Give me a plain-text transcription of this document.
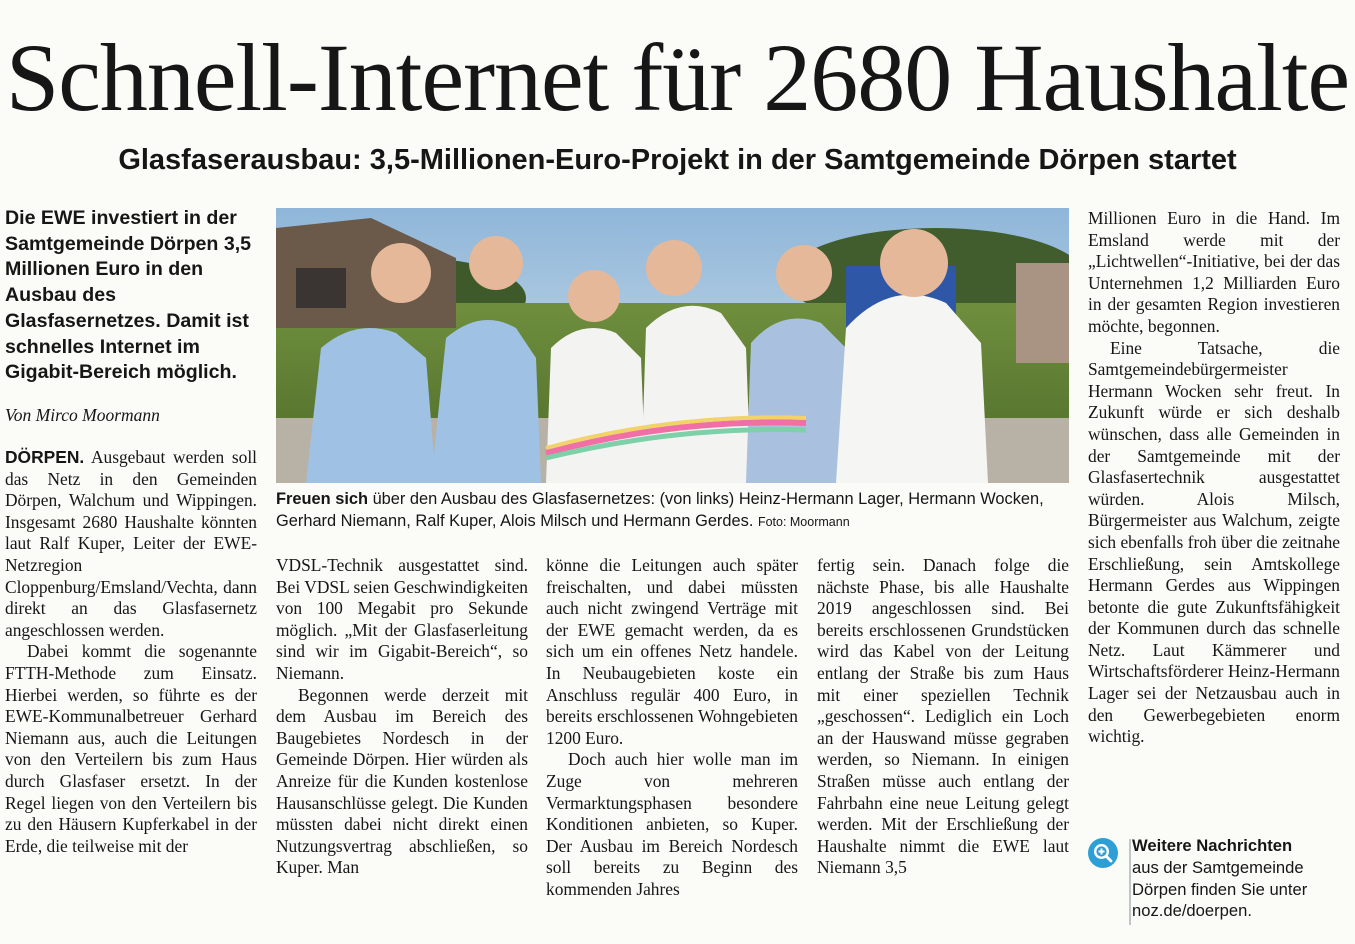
Schnell-Internet für 2680 Haushalte
Glasfaserausbau: 3,5-Millionen-Euro-Projekt in der Samtgemeinde Dörpen startet
Die EWE investiert in der Samtgemeinde Dörpen 3,5 Millionen Euro in den Ausbau des Glasfasernetzes. Damit ist schnelles Internet im Gigabit-Bereich möglich.
Von Mirco Moormann

DÖRPEN. Ausgebaut werden soll das Netz in den Gemeinden Dörpen, Walchum und Wippingen. Insgesamt 2680 Haushalte könnten laut Ralf Kuper, Leiter der EWE-Netzregion Cloppenburg/Emsland/Vechta, dann direkt an das Glasfasernetz angeschlossen werden.

Dabei kommt die sogenannte FTTH-Methode zum Einsatz. Hierbei werden, so führte es der EWE-Kommunalbetreuer Gerhard Niemann aus, auch die Leitungen von den Verteilern bis zum Haus durch Glasfaser ersetzt. In der Regel liegen von den Verteilern bis zu den Häusern Kupferkabel in der Erde, die teilweise mit der

Freuen sich über den Ausbau des Glasfasernetzes: (von links) Heinz-Hermann Lager, Hermann Wocken, Gerhard Niemann, Ralf Kuper, Alois Milsch und Hermann Gerdes. Foto: Moormann

VDSL-Technik ausgestattet sind. Bei VDSL seien Geschwindigkeiten von 100 Megabit pro Sekunde möglich. „Mit der Glasfaserleitung sind wir im Gigabit-Bereich“, so Niemann.

Begonnen werde derzeit mit dem Ausbau im Bereich des Baugebietes Nordesch in der Gemeinde Dörpen. Hier würden als Anreize für die Kunden kostenlose Hausanschlüsse gelegt. Die Kunden müssten dabei nicht direkt einen Nutzungsvertrag abschließen, so Kuper. Man

könne die Leitungen auch später freischalten, und dabei müssten auch nicht zwingend Verträge mit der EWE gemacht werden, da es sich um ein offenes Netz handele. In Neubaugebieten koste ein Anschluss regulär 400 Euro, in bereits erschlossenen Wohngebieten 1200 Euro.

Doch auch hier wolle man im Zuge von mehreren Vermarktungsphasen besondere Konditionen anbieten, so Kuper. Der Ausbau im Bereich Nordesch soll bereits zu Beginn des kommenden Jahres

fertig sein. Danach folge die nächste Phase, bis alle Haushalte 2019 angeschlossen sind. Bei bereits erschlossenen Grundstücken wird das Kabel von der Leitung entlang der Straße bis zum Haus mit einer speziellen Technik „geschossen“. Lediglich ein Loch an der Hauswand müsse gegraben werden, so Niemann. In einigen Straßen müsse auch entlang der Fahrbahn eine neue Leitung gelegt werden. Mit der Erschließung der Haushalte nimmt die EWE laut Niemann 3,5

Millionen Euro in die Hand. Im Emsland werde mit der „Lichtwellen“-Initiative, bei der das Unternehmen 1,2 Milliarden Euro in der gesamten Region investieren möchte, begonnen.

Eine Tatsache, die Samtgemeindebürgermeister Hermann Wocken sehr freut. In Zukunft würde er sich deshalb wünschen, dass alle Gemeinden in der Samtgemeinde mit der Glasfasertechnik ausgestattet würden. Alois Milsch, Bürgermeister aus Walchum, zeigte sich ebenfalls froh über die zeitnahe Erschließung, sein Amtskollege Hermann Gerdes aus Wippingen betonte die gute Zukunftsfähigkeit der Kommunen durch das schnelle Netz. Laut Kämmerer und Wirtschaftsförderer Heinz-Hermann Lager sei der Netzausbau auch in den Gewerbegebieten enorm wichtig.

Weitere Nachrichten
aus der Samtgemeinde Dörpen finden Sie unter noz.de/doerpen.
